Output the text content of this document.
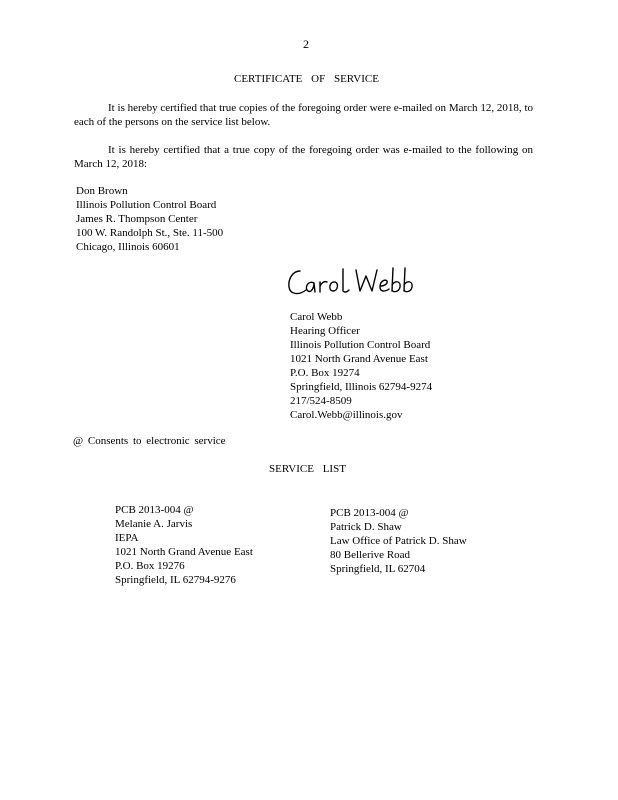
2
CERTIFICATE OF SERVICE
It is hereby certified that true copies of the foregoing order were e-mailed on March 12, 2018, to each of the persons on the service list below.
It is hereby certified that a true copy of the foregoing order was e-mailed to the following on March 12, 2018:
Don Brown
Illinois Pollution Control Board
James R. Thompson Center
100 W. Randolph St., Ste. 11-500
Chicago, Illinois 60601
Carol Webb
Hearing Officer
Illinois Pollution Control Board
1021 North Grand Avenue East
P.O. Box 19274
Springfield, Illinois 62794-9274
217/524-8509
Carol.Webb@illinois.gov
@ Consents to electronic service
SERVICE LIST
PCB 2013-004 @
Melanie A. Jarvis
IEPA
1021 North Grand Avenue East
P.O. Box 19276
Springfield, IL 62794-9276
PCB 2013-004 @
Patrick D. Shaw
Law Office of Patrick D. Shaw
80 Bellerive Road
Springfield, IL 62704
